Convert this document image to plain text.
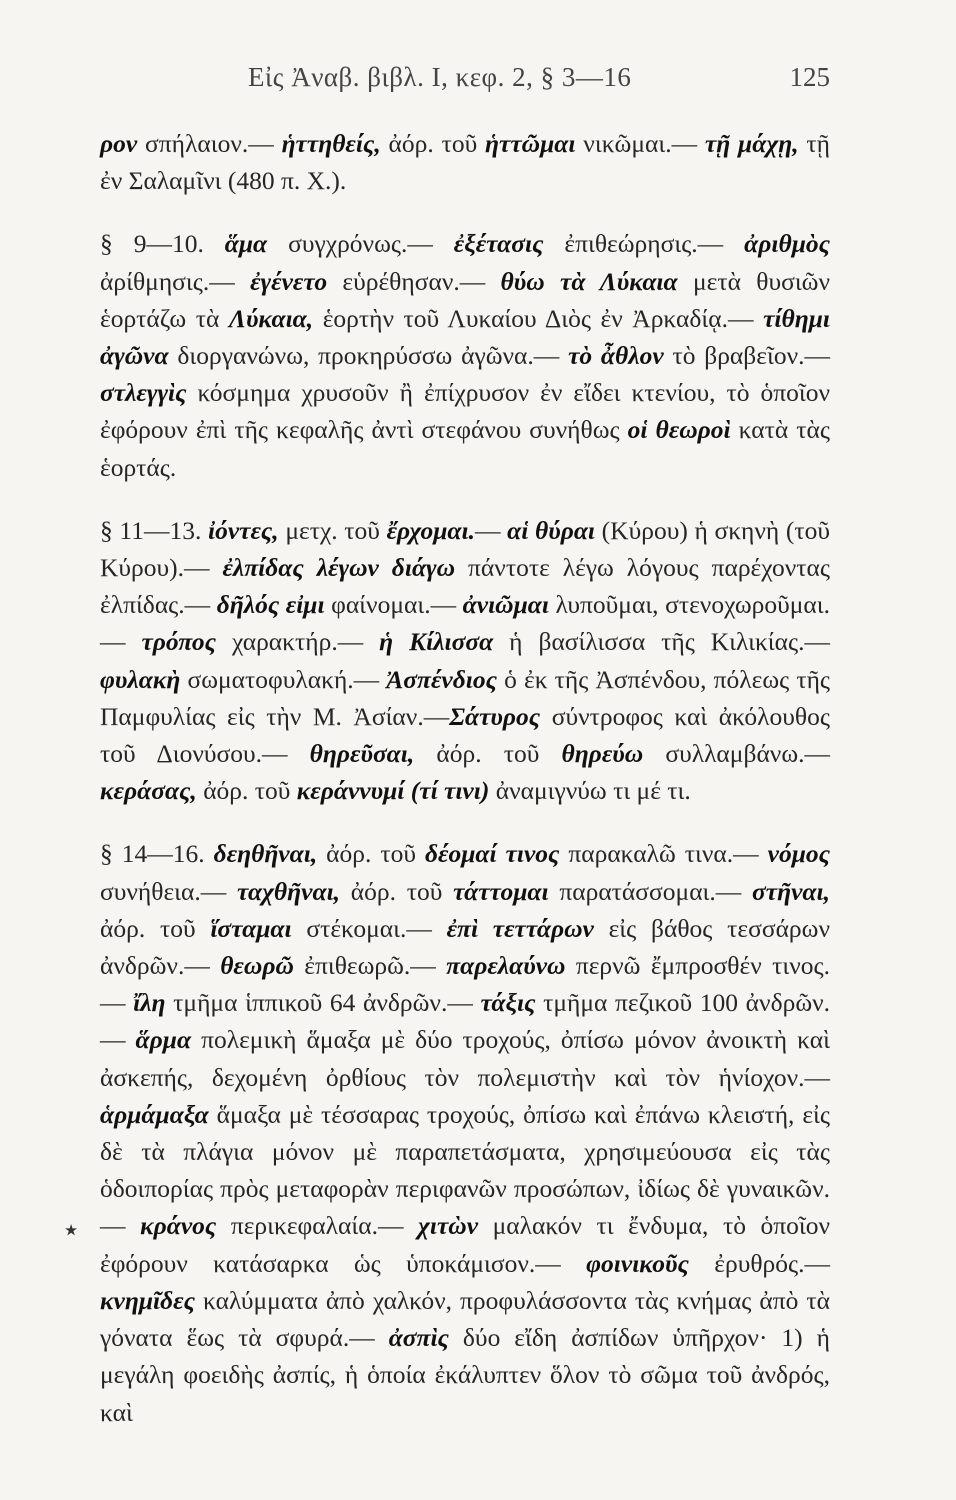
Εἰς Ἀναβ. βιβλ. Ι, κεφ. 2, § 3—16	125

ρον σπήλαιον.— ἡττηθείς, ἀόρ. τοῦ ἡττῶμαι νικῶμαι.— τῇ μάχῃ, τῇ ἐν Σαλαμῖνι (480 π. Χ.).

§ 9—10. ἅμα συγχρόνως.— ἐξέτασις ἐπιθεώρησις.— ἀριθμὸς ἀρίθμησις.— ἐγένετο εὑρέθησαν.— θύω τὰ Λύκαια μετὰ θυσιῶν ἑορτάζω τὰ Λύκαια, ἑορτὴν τοῦ Λυκαίου Διὸς ἐν Ἀρκαδίᾳ.— τίθημι ἀγῶνα διοργανώνω, προκηρύσσω ἀγῶνα.— τὸ ἆθλον τὸ βραβεῖον.— στλεγγὶς κόσμημα χρυσοῦν ἢ ἐπίχρυσον ἐν εἴδει κτενίου, τὸ ὁποῖον ἐφόρουν ἐπὶ τῆς κεφαλῆς ἀντὶ στεφάνου συνήθως οἱ θεωροὶ κατὰ τὰς ἑορτάς.

§ 11—13. ἰόντες, μετχ. τοῦ ἔρχομαι.— αἱ θύραι (Κύρου) ἡ σκηνὴ (τοῦ Κύρου).— ἐλπίδας λέγων διάγω πάντοτε λέγω λόγους παρέχοντας ἐλπίδας.— δῆλός εἰμι φαίνομαι.— ἀνιῶμαι λυποῦμαι, στενοχωροῦμαι.— τρόπος χαρακτήρ.— ἡ Κίλισσα ἡ βασίλισσα τῆς Κιλικίας.— φυλακὴ σωματοφυλακή.— Ἀσπένδιος ὁ ἐκ τῆς Ἀσπένδου, πόλεως τῆς Παμφυλίας εἰς τὴν Μ. Ἀσίαν.—Σάτυρος σύντροφος καὶ ἀκόλουθος τοῦ Διονύσου.— θηρεῦσαι, ἀόρ. τοῦ θηρεύω συλλαμβάνω.— κεράσας, ἀόρ. τοῦ κεράννυμί (τί τινι) ἀναμιγνύω τι μέ τι.

§ 14—16. δεηθῆναι, ἀόρ. τοῦ δέομαί τινος παρακαλῶ τινα.— νόμος συνήθεια.— ταχθῆναι, ἀόρ. τοῦ τάττομαι παρατάσσομαι.— στῆναι, ἀόρ. τοῦ ἵσταμαι στέκομαι.— ἐπὶ τεττάρων εἰς βάθος τεσσάρων ἀνδρῶν.— θεωρῶ ἐπιθεωρῶ.— παρελαύνω περνῶ ἔμπροσθέν τινος.— ἴλη τμῆμα ἱππικοῦ 64 ἀνδρῶν.— τάξις τμῆμα πεζικοῦ 100 ἀνδρῶν.— ἅρμα πολεμικὴ ἅμαξα μὲ δύο τροχούς, ὀπίσω μόνον ἀνοικτὴ καὶ ἀσκεπής, δεχομένη ὀρθίους τὸν πολεμιστὴν καὶ τὸν ἡνίοχον.— ἁρμάμαξα ἅμαξα μὲ τέσσαρας τροχούς, ὀπίσω καὶ ἐπάνω κλειστή, εἰς δὲ τὰ πλάγια μόνον μὲ παραπετάσματα, χρησιμεύουσα εἰς τὰς ὁδοιπορίας πρὸς μεταφορὰν περιφανῶν προσώπων, ἰδίως δὲ γυναικῶν.— κράνος περικεφαλαία.— χιτὼν μαλακόν τι ἔνδυμα, τὸ ὁποῖον ἐφόρουν κατάσαρκα ὡς ὑποκάμισον.— φοινικοῦς ἐρυθρός.— κνημῖδες καλύμματα ἀπὸ χαλκόν, προφυλάσσοντα τὰς κνήμας ἀπὸ τὰ γόνατα ἕως τὰ σφυρά.— ἀσπὶς δύο εἴδη ἀσπίδων ὑπῆρχον· 1) ἡ μεγάλη φοειδὴς ἀσπίς, ἡ ὁποία ἐκάλυπτεν ὅλον τὸ σῶμα τοῦ ἀνδρός, καὶ

٭
